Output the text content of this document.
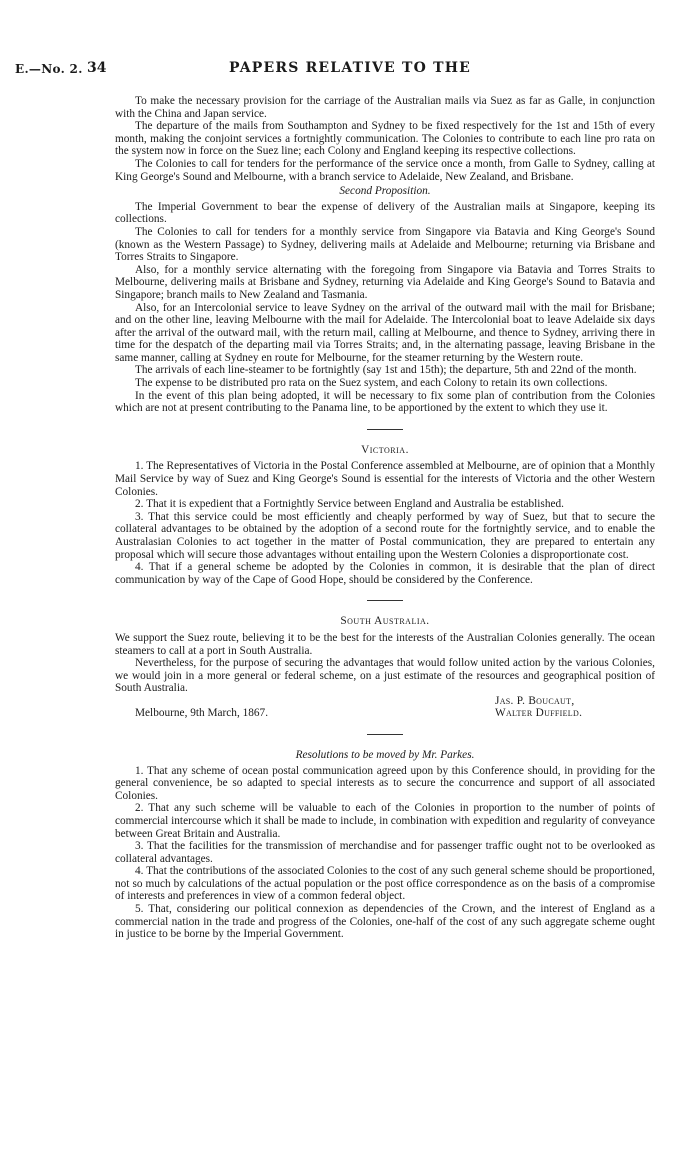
E.—No. 2. 34	PAPERS RELATIVE TO THE

To make the necessary provision for the carriage of the Australian mails via Suez as far as Galle, in conjunction with the China and Japan service.

The departure of the mails from Southampton and Sydney to be fixed respectively for the 1st and 15th of every month, making the conjoint services a fortnightly communication. The Colonies to contribute to each line pro rata on the system now in force on the Suez line; each Colony and England keeping its respective collections.

The Colonies to call for tenders for the performance of the service once a month, from Galle to Sydney, calling at King George's Sound and Melbourne, with a branch service to Adelaide, New Zealand, and Brisbane.

Second Proposition.

The Imperial Government to bear the expense of delivery of the Australian mails at Singapore, keeping its collections.

The Colonies to call for tenders for a monthly service from Singapore via Batavia and King George's Sound (known as the Western Passage) to Sydney, delivering mails at Adelaide and Melbourne; returning via Brisbane and Torres Straits to Singapore.

Also, for a monthly service alternating with the foregoing from Singapore via Batavia and Torres Straits to Melbourne, delivering mails at Brisbane and Sydney, returning via Adelaide and King George's Sound to Batavia and Singapore; branch mails to New Zealand and Tasmania.

Also, for an Intercolonial service to leave Sydney on the arrival of the outward mail with the mail for Brisbane; and on the other line, leaving Melbourne with the mail for Adelaide. The Intercolonial boat to leave Adelaide six days after the arrival of the outward mail, with the return mail, calling at Melbourne, and thence to Sydney, arriving there in time for the despatch of the departing mail via Torres Straits; and, in the alternating passage, leaving Brisbane in the same manner, calling at Sydney en route for Melbourne, for the steamer returning by the Western route.

The arrivals of each line-steamer to be fortnightly (say 1st and 15th); the departure, 5th and 22nd of the month.

The expense to be distributed pro rata on the Suez system, and each Colony to retain its own collections.

In the event of this plan being adopted, it will be necessary to fix some plan of contribution from the Colonies which are not at present contributing to the Panama line, to be apportioned by the extent to which they use it.

Victoria.

1. The Representatives of Victoria in the Postal Conference assembled at Melbourne, are of opinion that a Monthly Mail Service by way of Suez and King George's Sound is essential for the interests of Victoria and the other Western Colonies.

2. That it is expedient that a Fortnightly Service between England and Australia be established.

3. That this service could be most efficiently and cheaply performed by way of Suez, but that to secure the collateral advantages to be obtained by the adoption of a second route for the fortnightly service, and to enable the Australasian Colonies to act together in the matter of Postal communication, they are prepared to entertain any proposal which will secure those advantages without entailing upon the Western Colonies a disproportionate cost.

4. That if a general scheme be adopted by the Colonies in common, it is desirable that the plan of direct communication by way of the Cape of Good Hope, should be considered by the Conference.

South Australia.

We support the Suez route, believing it to be the best for the interests of the Australian Colonies generally. The ocean steamers to call at a port in South Australia.

Nevertheless, for the purpose of securing the advantages that would follow united action by the various Colonies, we would join in a more general or federal scheme, on a just estimate of the resources and geographical position of South Australia.

Jas. P. Boucaut,
Walter Duffield.
Melbourne, 9th March, 1867.
Resolutions to be moved by Mr. Parkes.

1. That any scheme of ocean postal communication agreed upon by this Conference should, in providing for the general convenience, be so adapted to special interests as to secure the concurrence and support of all associated Colonies.

2. That any such scheme will be valuable to each of the Colonies in proportion to the number of points of commercial intercourse which it shall be made to include, in combination with expedition and regularity of conveyance between Great Britain and Australia.

3. That the facilities for the transmission of merchandise and for passenger traffic ought not to be overlooked as collateral advantages.

4. That the contributions of the associated Colonies to the cost of any such general scheme should be proportioned, not so much by calculations of the actual population or the post office correspondence as on the basis of a compromise of interests and preferences in view of a common federal object.

5. That, considering our political connexion as dependencies of the Crown, and the interest of England as a commercial nation in the trade and progress of the Colonies, one-half of the cost of any such aggregate scheme ought in justice to be borne by the Imperial Government.
